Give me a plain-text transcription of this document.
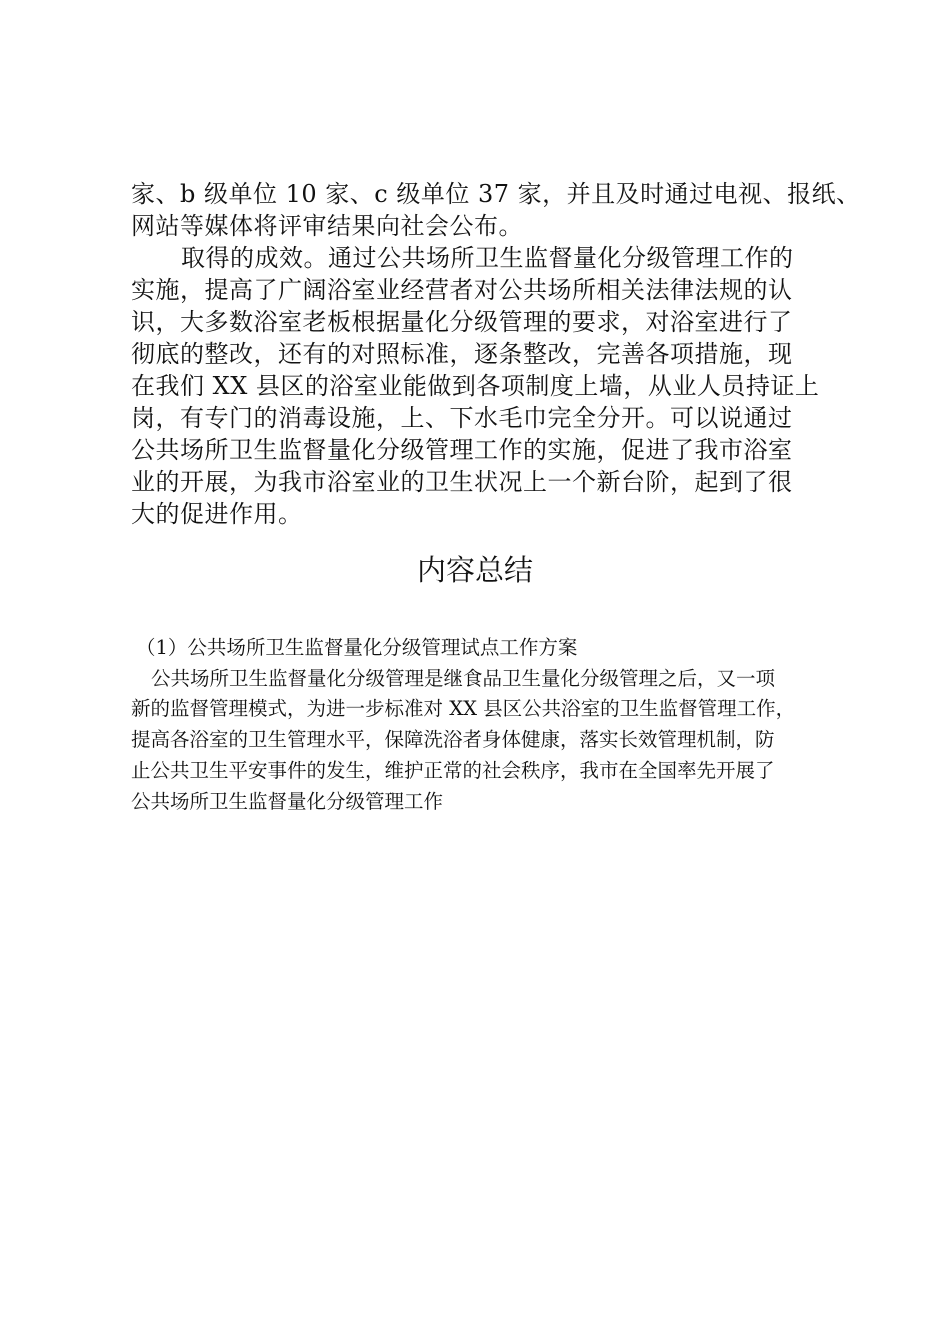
家、b 级单位 10 家、c 级单位 37 家，并且及时通过电视、报纸、
网站等媒体将评审结果向社会公布。
取得的成效。通过公共场所卫生监督量化分级管理工作的
实施，提高了广阔浴室业经营者对公共场所相关法律法规的认
识，大多数浴室老板根据量化分级管理的要求，对浴室进行了
彻底的整改，还有的对照标准，逐条整改，完善各项措施，现
在我们 XX 县区的浴室业能做到各项制度上墙，从业人员持证上
岗，有专门的消毒设施，上、下水毛巾完全分开。可以说通过
公共场所卫生监督量化分级管理工作的实施，促进了我市浴室
业的开展，为我市浴室业的卫生状况上一个新台阶，起到了很
大的促进作用。
内容总结
（1）公共场所卫生监督量化分级管理试点工作方案
公共场所卫生监督量化分级管理是继食品卫生量化分级管理之后，又一项
新的监督管理模式，为进一步标准对 XX 县区公共浴室的卫生监督管理工作，
提高各浴室的卫生管理水平，保障洗浴者身体健康，落实长效管理机制，防
止公共卫生平安事件的发生，维护正常的社会秩序，我市在全国率先开展了
公共场所卫生监督量化分级管理工作
